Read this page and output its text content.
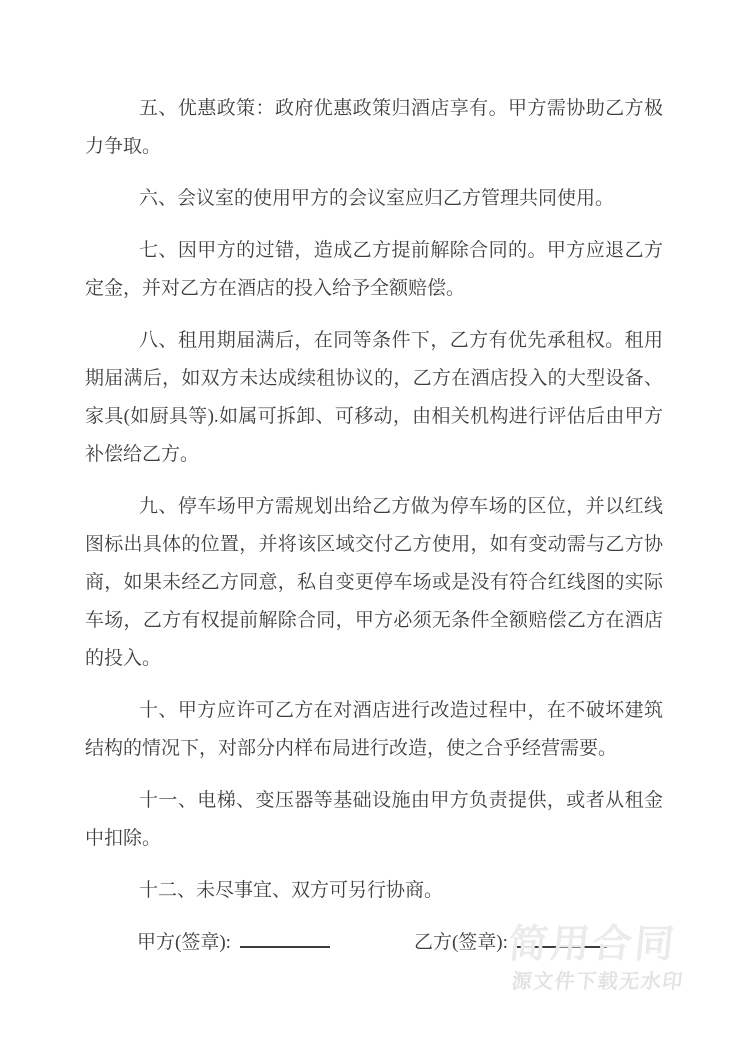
五、优惠政策：政府优惠政策归酒店享有。甲方需协助乙方极力争取。

六、会议室的使用甲方的会议室应归乙方管理共同使用。

七、因甲方的过错，造成乙方提前解除合同的。甲方应退乙方定金，并对乙方在酒店的投入给予全额赔偿。

八、租用期届满后，在同等条件下，乙方有优先承租权。租用期届满后，如双方未达成续租协议的，乙方在酒店投入的大型设备、家具(如厨具等).如属可拆卸、可移动，由相关机构进行评估后由甲方补偿给乙方。

九、停车场甲方需规划出给乙方做为停车场的区位，并以红线图标出具体的位置，并将该区域交付乙方使用，如有变动需与乙方协商，如果未经乙方同意，私自变更停车场或是没有符合红线图的实际车场，乙方有权提前解除合同，甲方必须无条件全额赔偿乙方在酒店的投入。

十、甲方应许可乙方在对酒店进行改造过程中，在不破坏建筑结构的情况下，对部分内样布局进行改造，使之合乎经营需要。

十一、电梯、变压器等基础设施由甲方负责提供，或者从租金中扣除。

十二、未尽事宜、双方可另行协商。

甲方(签章):	乙方(签章):
简用合同
源文件下载无水印
